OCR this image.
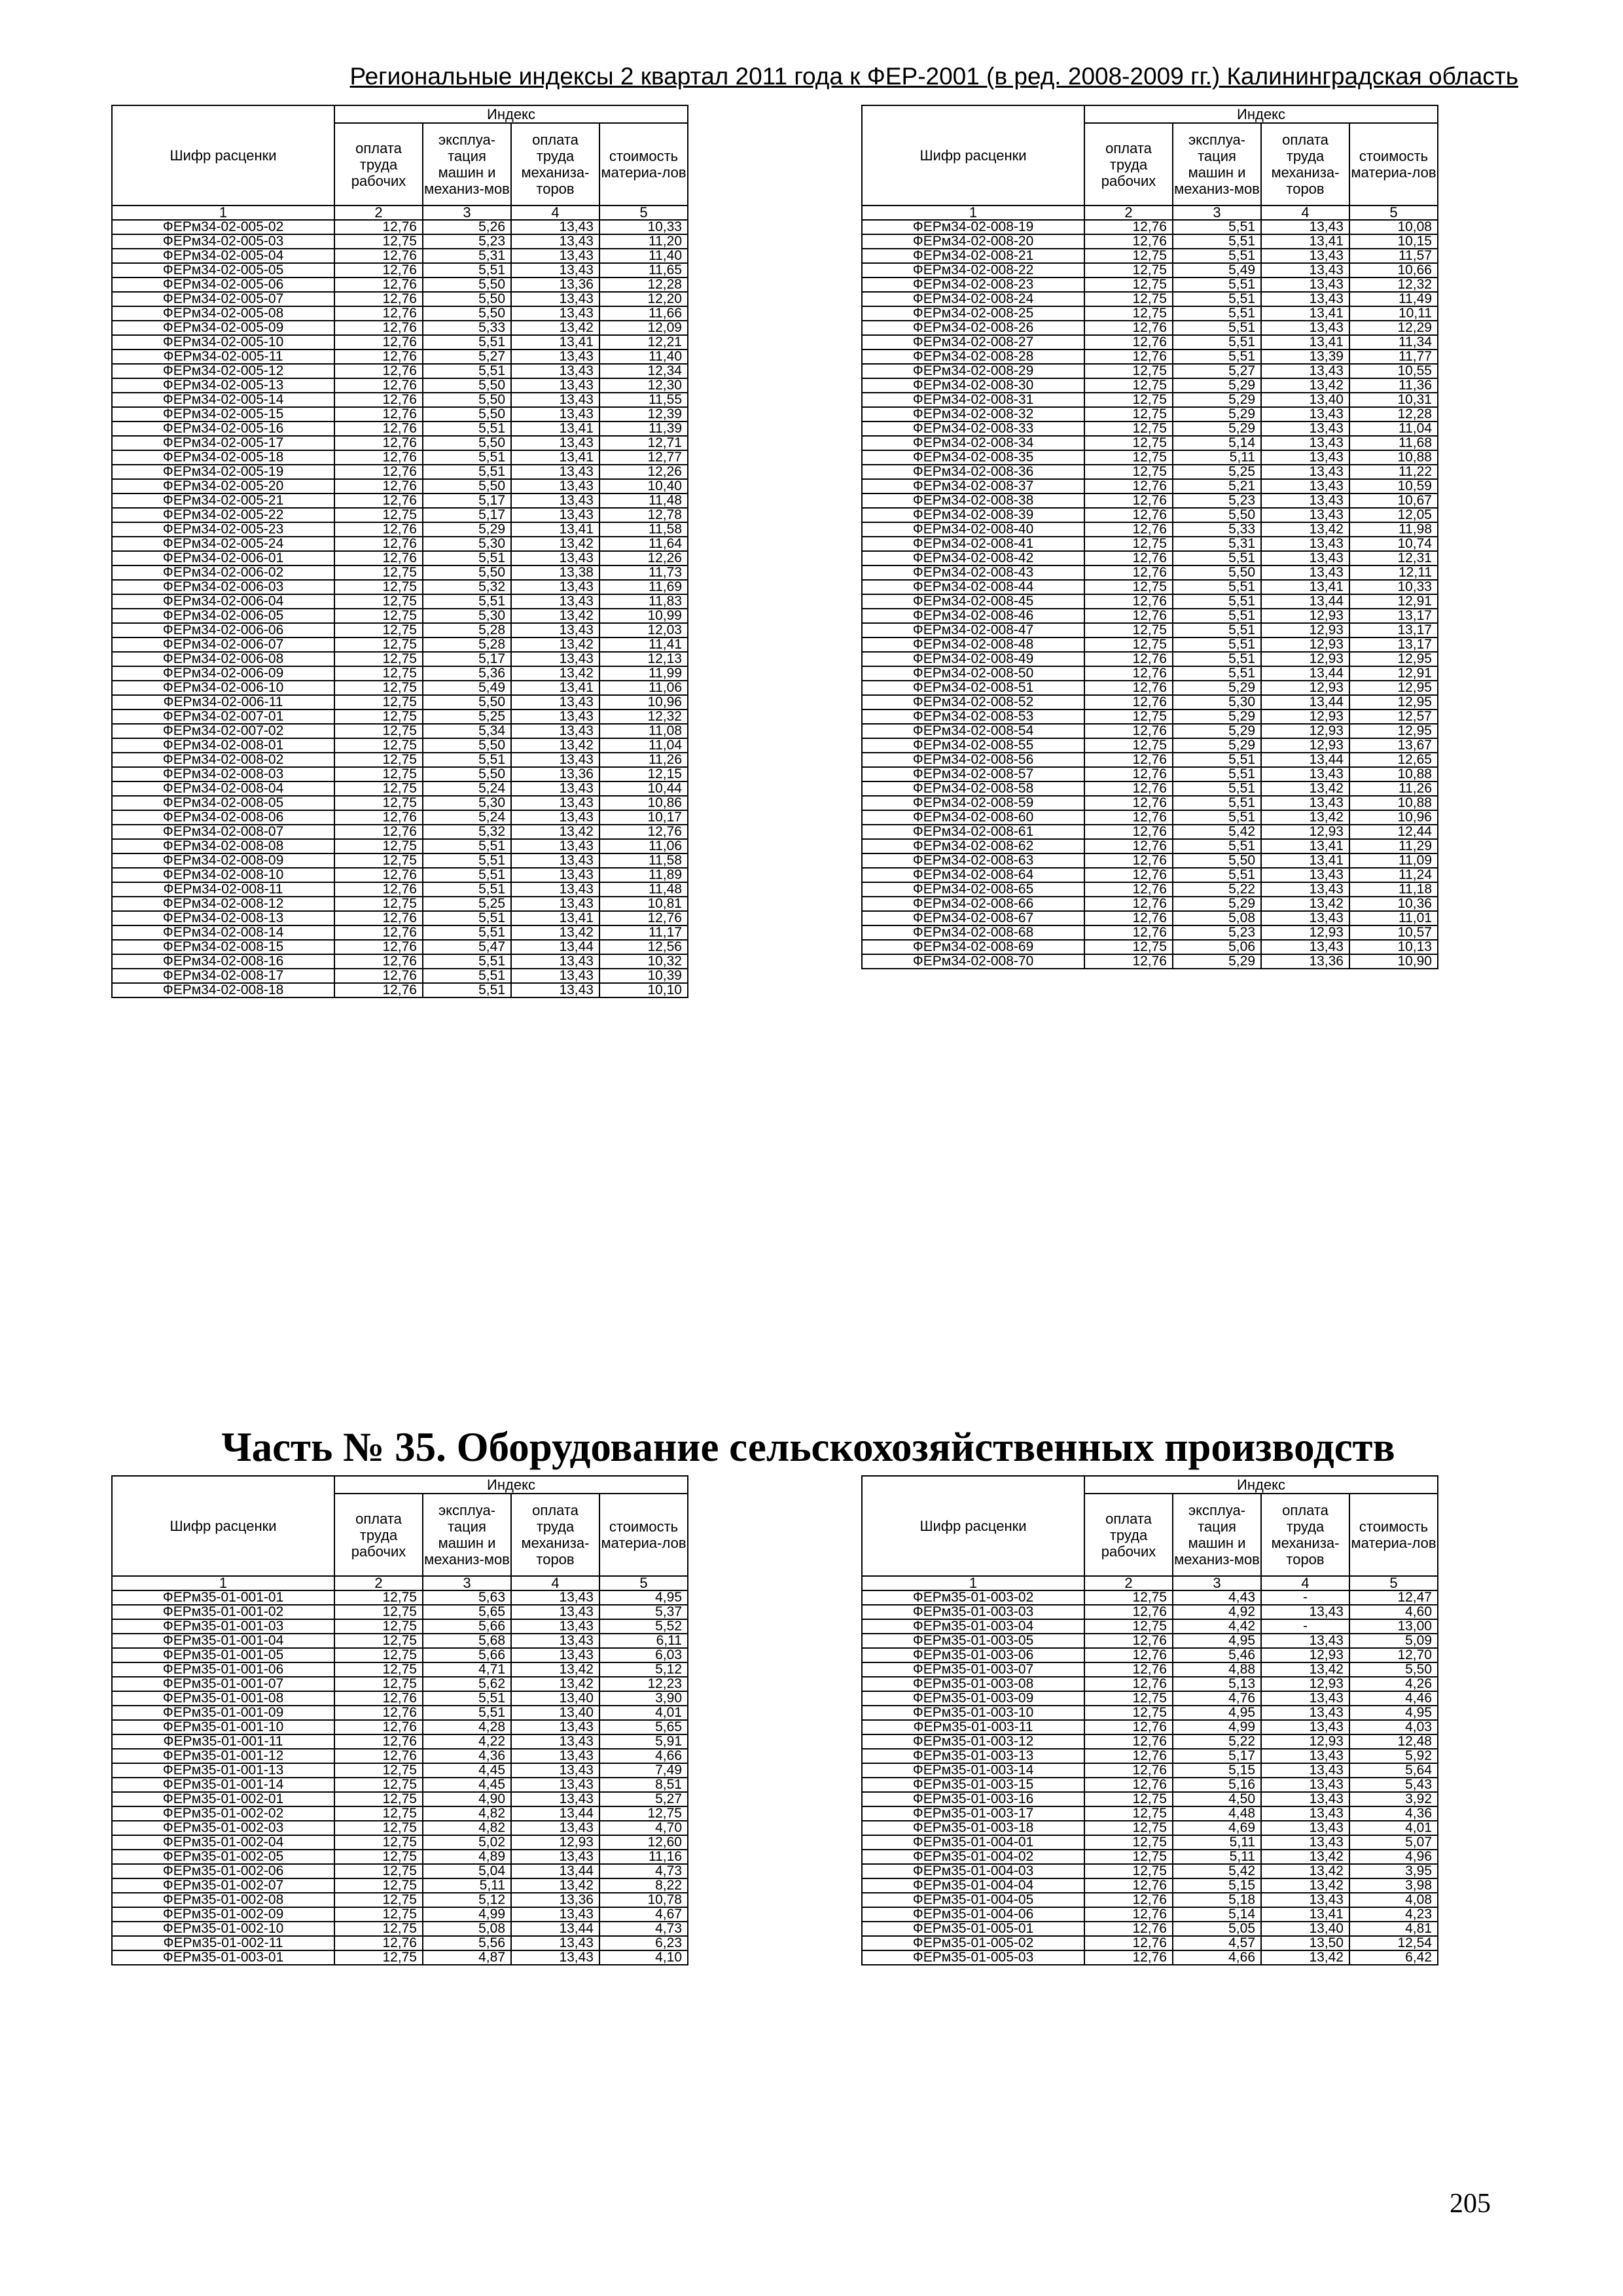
Региональные индексы 2 квартал 2011 года к ФЕР-2001 (в ред. 2008-2009 гг.) Калининградская область
Шифр расценки	Индекс			
	оплата труда рабочих	эксплуа-тация машин и механиз-мов	оплата труда механиза-торов	стоимость материа-лов
1	2	3	4	5
ФЕРм34-02-005-02	12,76	5,26	13,43	10,33
ФЕРм34-02-005-03	12,75	5,23	13,43	11,20
ФЕРм34-02-005-04	12,76	5,31	13,43	11,40
ФЕРм34-02-005-05	12,76	5,51	13,43	11,65
ФЕРм34-02-005-06	12,76	5,50	13,36	12,28
ФЕРм34-02-005-07	12,76	5,50	13,43	12,20
ФЕРм34-02-005-08	12,76	5,50	13,43	11,66
ФЕРм34-02-005-09	12,76	5,33	13,42	12,09
ФЕРм34-02-005-10	12,76	5,51	13,41	12,21
ФЕРм34-02-005-11	12,76	5,27	13,43	11,40
ФЕРм34-02-005-12	12,76	5,51	13,43	12,34
ФЕРм34-02-005-13	12,76	5,50	13,43	12,30
ФЕРм34-02-005-14	12,76	5,50	13,43	11,55
ФЕРм34-02-005-15	12,76	5,50	13,43	12,39
ФЕРм34-02-005-16	12,76	5,51	13,41	11,39
ФЕРм34-02-005-17	12,76	5,50	13,43	12,71
ФЕРм34-02-005-18	12,76	5,51	13,41	12,77
ФЕРм34-02-005-19	12,76	5,51	13,43	12,26
ФЕРм34-02-005-20	12,76	5,50	13,43	10,40
ФЕРм34-02-005-21	12,76	5,17	13,43	11,48
ФЕРм34-02-005-22	12,75	5,17	13,43	12,78
ФЕРм34-02-005-23	12,76	5,29	13,41	11,58
ФЕРм34-02-005-24	12,76	5,30	13,42	11,64
ФЕРм34-02-006-01	12,76	5,51	13,43	12,26
ФЕРм34-02-006-02	12,75	5,50	13,38	11,73
ФЕРм34-02-006-03	12,75	5,32	13,43	11,69
ФЕРм34-02-006-04	12,75	5,51	13,43	11,83
ФЕРм34-02-006-05	12,75	5,30	13,42	10,99
ФЕРм34-02-006-06	12,75	5,28	13,43	12,03
ФЕРм34-02-006-07	12,75	5,28	13,42	11,41
ФЕРм34-02-006-08	12,75	5,17	13,43	12,13
ФЕРм34-02-006-09	12,75	5,36	13,42	11,99
ФЕРм34-02-006-10	12,75	5,49	13,41	11,06
ФЕРм34-02-006-11	12,75	5,50	13,43	10,96
ФЕРм34-02-007-01	12,75	5,25	13,43	12,32
ФЕРм34-02-007-02	12,75	5,34	13,43	11,08
ФЕРм34-02-008-01	12,75	5,50	13,42	11,04
ФЕРм34-02-008-02	12,75	5,51	13,43	11,26
ФЕРм34-02-008-03	12,75	5,50	13,36	12,15
ФЕРм34-02-008-04	12,75	5,24	13,43	10,44
ФЕРм34-02-008-05	12,75	5,30	13,43	10,86
ФЕРм34-02-008-06	12,76	5,24	13,43	10,17
ФЕРм34-02-008-07	12,76	5,32	13,42	12,76
ФЕРм34-02-008-08	12,75	5,51	13,43	11,06
ФЕРм34-02-008-09	12,75	5,51	13,43	11,58
ФЕРм34-02-008-10	12,76	5,51	13,43	11,89
ФЕРм34-02-008-11	12,76	5,51	13,43	11,48
ФЕРм34-02-008-12	12,75	5,25	13,43	10,81
ФЕРм34-02-008-13	12,76	5,51	13,41	12,76
ФЕРм34-02-008-14	12,76	5,51	13,42	11,17
ФЕРм34-02-008-15	12,76	5,47	13,44	12,56
ФЕРм34-02-008-16	12,76	5,51	13,43	10,32
ФЕРм34-02-008-17	12,76	5,51	13,43	10,39
ФЕРм34-02-008-18	12,76	5,51	13,43	10,10
Шифр расценки	Индекс			
	оплата труда рабочих	эксплуа-тация машин и механиз-мов	оплата труда механиза-торов	стоимость материа-лов
1	2	3	4	5
ФЕРм34-02-008-19	12,76	5,51	13,43	10,08
ФЕРм34-02-008-20	12,76	5,51	13,41	10,15
ФЕРм34-02-008-21	12,75	5,51	13,43	11,57
ФЕРм34-02-008-22	12,75	5,49	13,43	10,66
ФЕРм34-02-008-23	12,75	5,51	13,43	12,32
ФЕРм34-02-008-24	12,75	5,51	13,43	11,49
ФЕРм34-02-008-25	12,75	5,51	13,41	10,11
ФЕРм34-02-008-26	12,76	5,51	13,43	12,29
ФЕРм34-02-008-27	12,76	5,51	13,41	11,34
ФЕРм34-02-008-28	12,76	5,51	13,39	11,77
ФЕРм34-02-008-29	12,75	5,27	13,43	10,55
ФЕРм34-02-008-30	12,75	5,29	13,42	11,36
ФЕРм34-02-008-31	12,75	5,29	13,40	10,31
ФЕРм34-02-008-32	12,75	5,29	13,43	12,28
ФЕРм34-02-008-33	12,75	5,29	13,43	11,04
ФЕРм34-02-008-34	12,75	5,14	13,43	11,68
ФЕРм34-02-008-35	12,75	5,11	13,43	10,88
ФЕРм34-02-008-36	12,75	5,25	13,43	11,22
ФЕРм34-02-008-37	12,76	5,21	13,43	10,59
ФЕРм34-02-008-38	12,76	5,23	13,43	10,67
ФЕРм34-02-008-39	12,76	5,50	13,43	12,05
ФЕРм34-02-008-40	12,76	5,33	13,42	11,98
ФЕРм34-02-008-41	12,75	5,31	13,43	10,74
ФЕРм34-02-008-42	12,76	5,51	13,43	12,31
ФЕРм34-02-008-43	12,76	5,50	13,43	12,11
ФЕРм34-02-008-44	12,75	5,51	13,41	10,33
ФЕРм34-02-008-45	12,76	5,51	13,44	12,91
ФЕРм34-02-008-46	12,76	5,51	12,93	13,17
ФЕРм34-02-008-47	12,75	5,51	12,93	13,17
ФЕРм34-02-008-48	12,75	5,51	12,93	13,17
ФЕРм34-02-008-49	12,76	5,51	12,93	12,95
ФЕРм34-02-008-50	12,76	5,51	13,44	12,91
ФЕРм34-02-008-51	12,76	5,29	12,93	12,95
ФЕРм34-02-008-52	12,76	5,30	13,44	12,95
ФЕРм34-02-008-53	12,75	5,29	12,93	12,57
ФЕРм34-02-008-54	12,76	5,29	12,93	12,95
ФЕРм34-02-008-55	12,75	5,29	12,93	13,67
ФЕРм34-02-008-56	12,76	5,51	13,44	12,65
ФЕРм34-02-008-57	12,76	5,51	13,43	10,88
ФЕРм34-02-008-58	12,76	5,51	13,42	11,26
ФЕРм34-02-008-59	12,76	5,51	13,43	10,88
ФЕРм34-02-008-60	12,76	5,51	13,42	10,96
ФЕРм34-02-008-61	12,76	5,42	12,93	12,44
ФЕРм34-02-008-62	12,76	5,51	13,41	11,29
ФЕРм34-02-008-63	12,76	5,50	13,41	11,09
ФЕРм34-02-008-64	12,76	5,51	13,43	11,24
ФЕРм34-02-008-65	12,76	5,22	13,43	11,18
ФЕРм34-02-008-66	12,76	5,29	13,42	10,36
ФЕРм34-02-008-67	12,76	5,08	13,43	11,01
ФЕРм34-02-008-68	12,76	5,23	12,93	10,57
ФЕРм34-02-008-69	12,75	5,06	13,43	10,13
ФЕРм34-02-008-70	12,76	5,29	13,36	10,90
Часть № 35. Оборудование сельскохозяйственных производств
Шифр расценки	Индекс			
	оплата труда рабочих	эксплуа-тация машин и механиз-мов	оплата труда механиза-торов	стоимость материа-лов
1	2	3	4	5
ФЕРм35-01-001-01	12,75	5,63	13,43	4,95
ФЕРм35-01-001-02	12,75	5,65	13,43	5,37
ФЕРм35-01-001-03	12,75	5,66	13,43	5,52
ФЕРм35-01-001-04	12,75	5,68	13,43	6,11
ФЕРм35-01-001-05	12,75	5,66	13,43	6,03
ФЕРм35-01-001-06	12,75	4,71	13,42	5,12
ФЕРм35-01-001-07	12,75	5,62	13,42	12,23
ФЕРм35-01-001-08	12,76	5,51	13,40	3,90
ФЕРм35-01-001-09	12,76	5,51	13,40	4,01
ФЕРм35-01-001-10	12,76	4,28	13,43	5,65
ФЕРм35-01-001-11	12,76	4,22	13,43	5,91
ФЕРм35-01-001-12	12,76	4,36	13,43	4,66
ФЕРм35-01-001-13	12,75	4,45	13,43	7,49
ФЕРм35-01-001-14	12,75	4,45	13,43	8,51
ФЕРм35-01-002-01	12,75	4,90	13,43	5,27
ФЕРм35-01-002-02	12,75	4,82	13,44	12,75
ФЕРм35-01-002-03	12,75	4,82	13,43	4,70
ФЕРм35-01-002-04	12,75	5,02	12,93	12,60
ФЕРм35-01-002-05	12,75	4,89	13,43	11,16
ФЕРм35-01-002-06	12,75	5,04	13,44	4,73
ФЕРм35-01-002-07	12,75	5,11	13,42	8,22
ФЕРм35-01-002-08	12,75	5,12	13,36	10,78
ФЕРм35-01-002-09	12,75	4,99	13,43	4,67
ФЕРм35-01-002-10	12,75	5,08	13,44	4,73
ФЕРм35-01-002-11	12,76	5,56	13,43	6,23
ФЕРм35-01-003-01	12,75	4,87	13,43	4,10
Шифр расценки	Индекс			
	оплата труда рабочих	эксплуа-тация машин и механиз-мов	оплата труда механиза-торов	стоимость материа-лов
1	2	3	4	5
ФЕРм35-01-003-02	12,75	4,43	-	12,47
ФЕРм35-01-003-03	12,76	4,92	13,43	4,60
ФЕРм35-01-003-04	12,75	4,42	-	13,00
ФЕРм35-01-003-05	12,76	4,95	13,43	5,09
ФЕРм35-01-003-06	12,76	5,46	12,93	12,70
ФЕРм35-01-003-07	12,76	4,88	13,42	5,50
ФЕРм35-01-003-08	12,76	5,13	12,93	4,26
ФЕРм35-01-003-09	12,75	4,76	13,43	4,46
ФЕРм35-01-003-10	12,75	4,95	13,43	4,95
ФЕРм35-01-003-11	12,76	4,99	13,43	4,03
ФЕРм35-01-003-12	12,76	5,22	12,93	12,48
ФЕРм35-01-003-13	12,76	5,17	13,43	5,92
ФЕРм35-01-003-14	12,76	5,15	13,43	5,64
ФЕРм35-01-003-15	12,76	5,16	13,43	5,43
ФЕРм35-01-003-16	12,75	4,50	13,43	3,92
ФЕРм35-01-003-17	12,75	4,48	13,43	4,36
ФЕРм35-01-003-18	12,75	4,69	13,43	4,01
ФЕРм35-01-004-01	12,75	5,11	13,43	5,07
ФЕРм35-01-004-02	12,75	5,11	13,42	4,96
ФЕРм35-01-004-03	12,75	5,42	13,42	3,95
ФЕРм35-01-004-04	12,76	5,15	13,42	3,98
ФЕРм35-01-004-05	12,76	5,18	13,43	4,08
ФЕРм35-01-004-06	12,76	5,14	13,41	4,23
ФЕРм35-01-005-01	12,76	5,05	13,40	4,81
ФЕРм35-01-005-02	12,76	4,57	13,50	12,54
ФЕРм35-01-005-03	12,76	4,66	13,42	6,42
205
